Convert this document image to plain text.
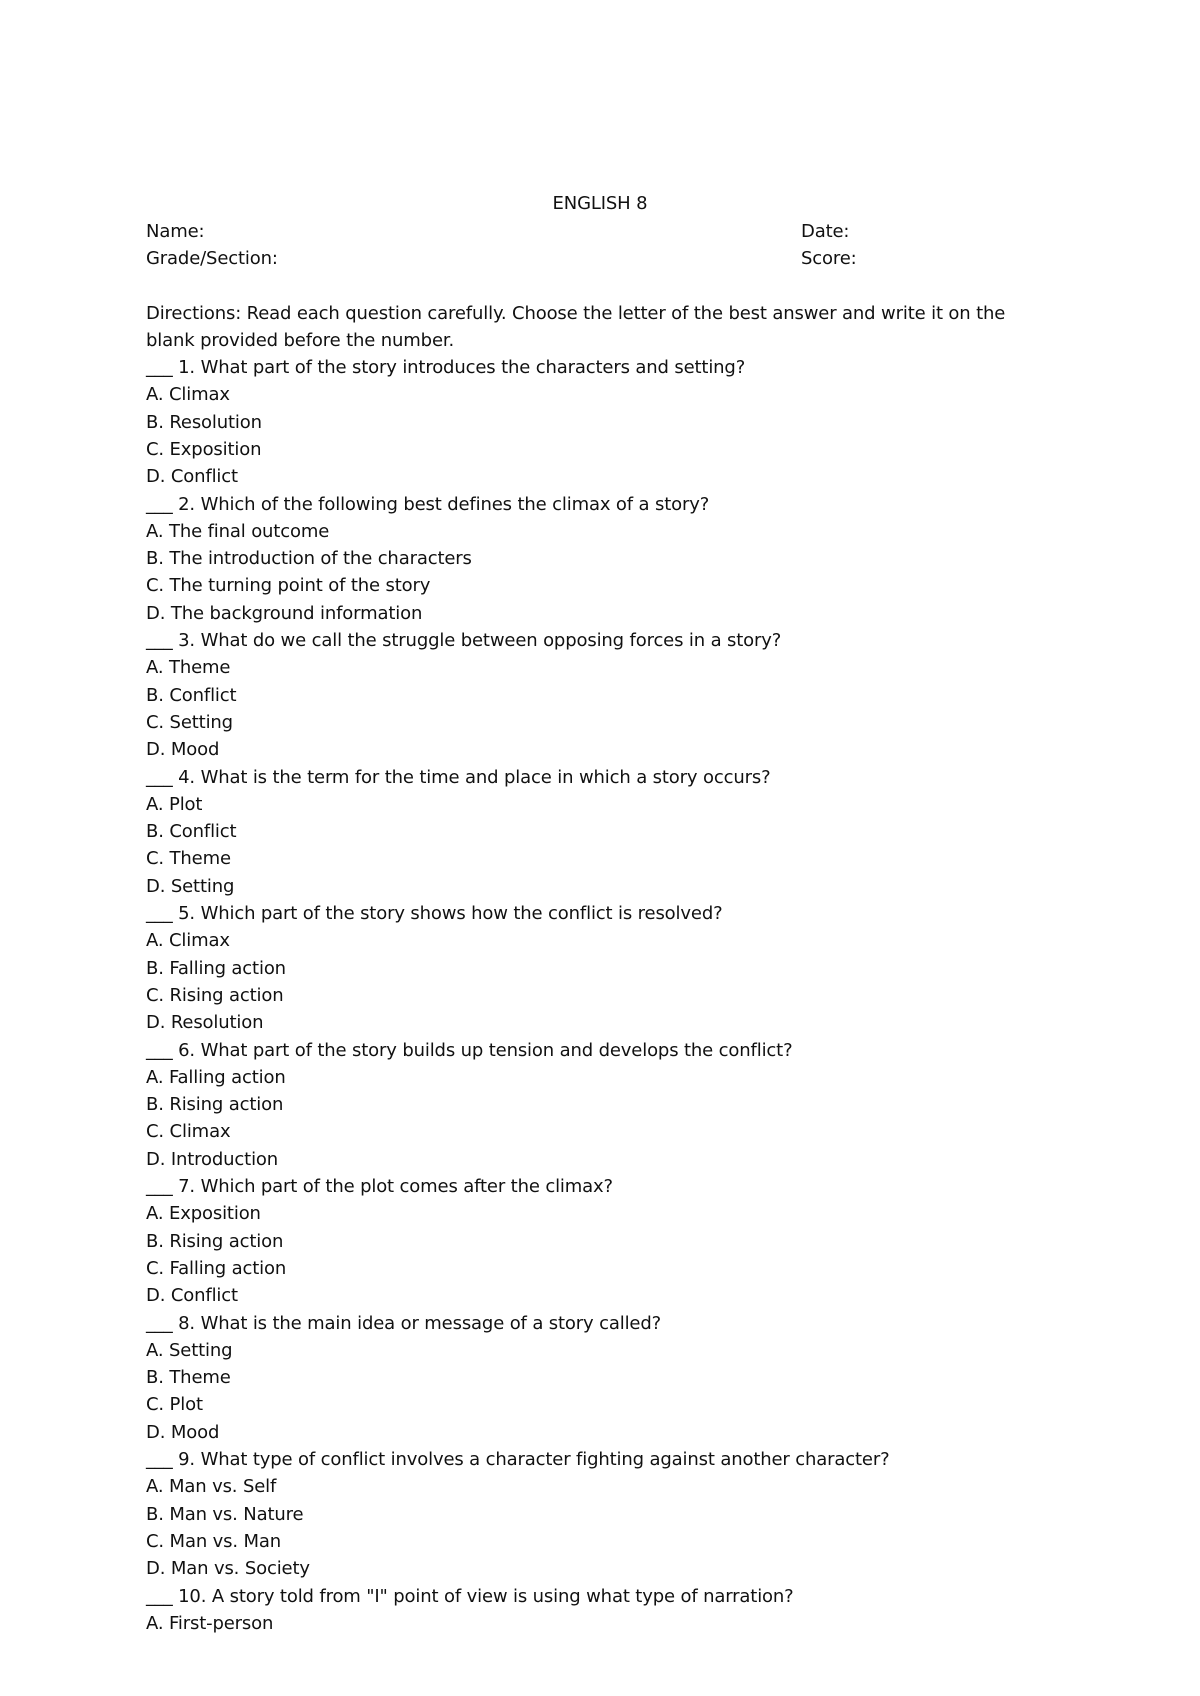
ENGLISH 8
Name:	Date:
Grade/Section:	Score:
Directions: Read each question carefully. Choose the letter of the best answer and write it on the
blank provided before the number.
___ 1. What part of the story introduces the characters and setting?
A. Climax
B. Resolution
C. Exposition
D. Conflict
___ 2. Which of the following best defines the climax of a story?
A. The final outcome
B. The introduction of the characters
C. The turning point of the story
D. The background information
___ 3. What do we call the struggle between opposing forces in a story?
A. Theme
B. Conflict
C. Setting
D. Mood
___ 4. What is the term for the time and place in which a story occurs?
A. Plot
B. Conflict
C. Theme
D. Setting
___ 5. Which part of the story shows how the conflict is resolved?
A. Climax
B. Falling action
C. Rising action
D. Resolution
___ 6. What part of the story builds up tension and develops the conflict?
A. Falling action
B. Rising action
C. Climax
D. Introduction
___ 7. Which part of the plot comes after the climax?
A. Exposition
B. Rising action
C. Falling action
D. Conflict
___ 8. What is the main idea or message of a story called?
A. Setting
B. Theme
C. Plot
D. Mood
___ 9. What type of conflict involves a character fighting against another character?
A. Man vs. Self
B. Man vs. Nature
C. Man vs. Man
D. Man vs. Society
___ 10. A story told from "I" point of view is using what type of narration?
A. First-person
